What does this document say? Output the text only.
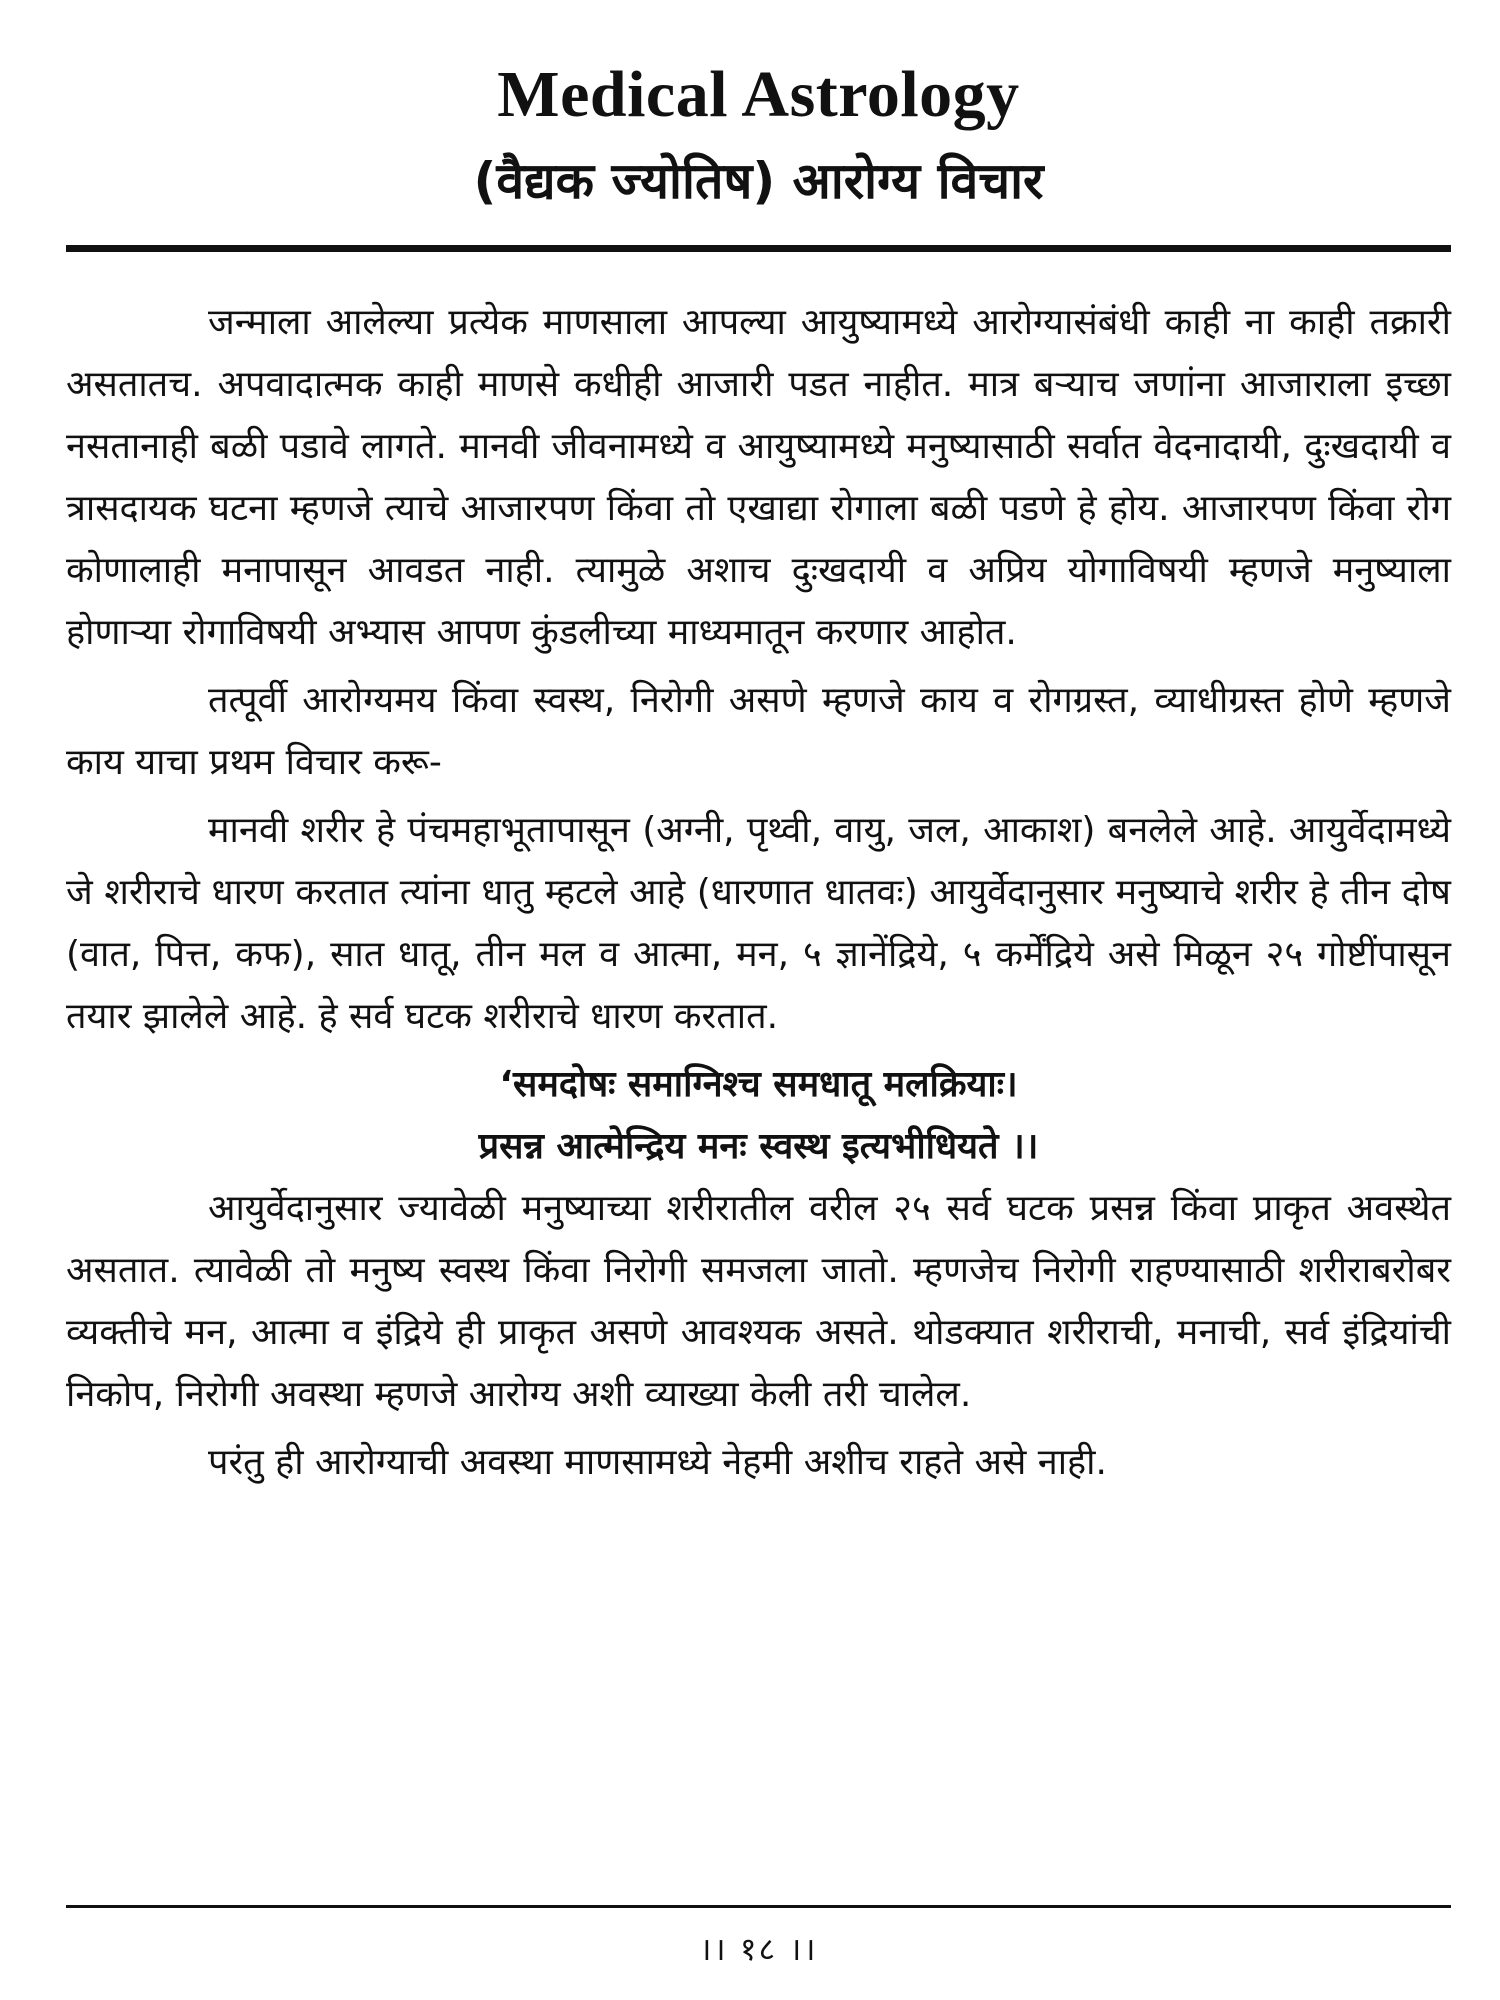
Medical Astrology
(वैद्यक ज्योतिष) आरोग्य विचार

जन्माला आलेल्या प्रत्येक माणसाला आपल्या आयुष्यामध्ये आरोग्यासंबंधी काही ना काही तक्रारी असतातच. अपवादात्मक काही माणसे कधीही आजारी पडत नाहीत. मात्र बऱ्याच जणांना आजाराला इच्छा नसतानाही बळी पडावे लागते. मानवी जीवनामध्ये व आयुष्यामध्ये मनुष्यासाठी सर्वात वेदनादायी, दुःखदायी व त्रासदायक घटना म्हणजे त्याचे आजारपण किंवा तो एखाद्या रोगाला बळी पडणे हे होय. आजारपण किंवा रोग कोणालाही मनापासून आवडत नाही. त्यामुळे अशाच दुःखदायी व अप्रिय योगाविषयी म्हणजे मनुष्याला होणाऱ्या रोगाविषयी अभ्यास आपण कुंडलीच्या माध्यमातून करणार आहोत.

तत्पूर्वी आरोग्यमय किंवा स्वस्थ, निरोगी असणे म्हणजे काय व रोगग्रस्त, व्याधीग्रस्त होणे म्हणजे काय याचा प्रथम विचार करू-

मानवी शरीर हे पंचमहाभूतापासून (अग्नी, पृथ्वी, वायु, जल, आकाश) बनलेले आहे. आयुर्वेदामध्ये जे शरीराचे धारण करतात त्यांना धातु म्हटले आहे (धारणात धातवः) आयुर्वेदानुसार मनुष्याचे शरीर हे तीन दोष (वात, पित्त, कफ), सात धातू, तीन मल व आत्मा, मन, ५ ज्ञानेंद्रिये, ५ कर्मेंद्रिये असे मिळून २५ गोष्टींपासून तयार झालेले आहे. हे सर्व घटक शरीराचे धारण करतात.

‘समदोषः समाग्निश्च समधातू मलक्रियाः।

प्रसन्न आत्मेन्द्रिय मनः स्वस्थ इत्यभीधियते ।।

आयुर्वेदानुसार ज्यावेळी मनुष्याच्या शरीरातील वरील २५ सर्व घटक प्रसन्न किंवा प्राकृत अवस्थेत असतात. त्यावेळी तो मनुष्य स्वस्थ किंवा निरोगी समजला जातो. म्हणजेच निरोगी राहण्यासाठी शरीराबरोबर व्यक्तीचे मन, आत्मा व इंद्रिये ही प्राकृत असणे आवश्यक असते. थोडक्यात शरीराची, मनाची, सर्व इंद्रियांची निकोप, निरोगी अवस्था म्हणजे आरोग्य अशी व्याख्या केली तरी चालेल.

परंतु ही आरोग्याची अवस्था माणसामध्ये नेहमी अशीच राहते असे नाही.

।। १८ ।।
